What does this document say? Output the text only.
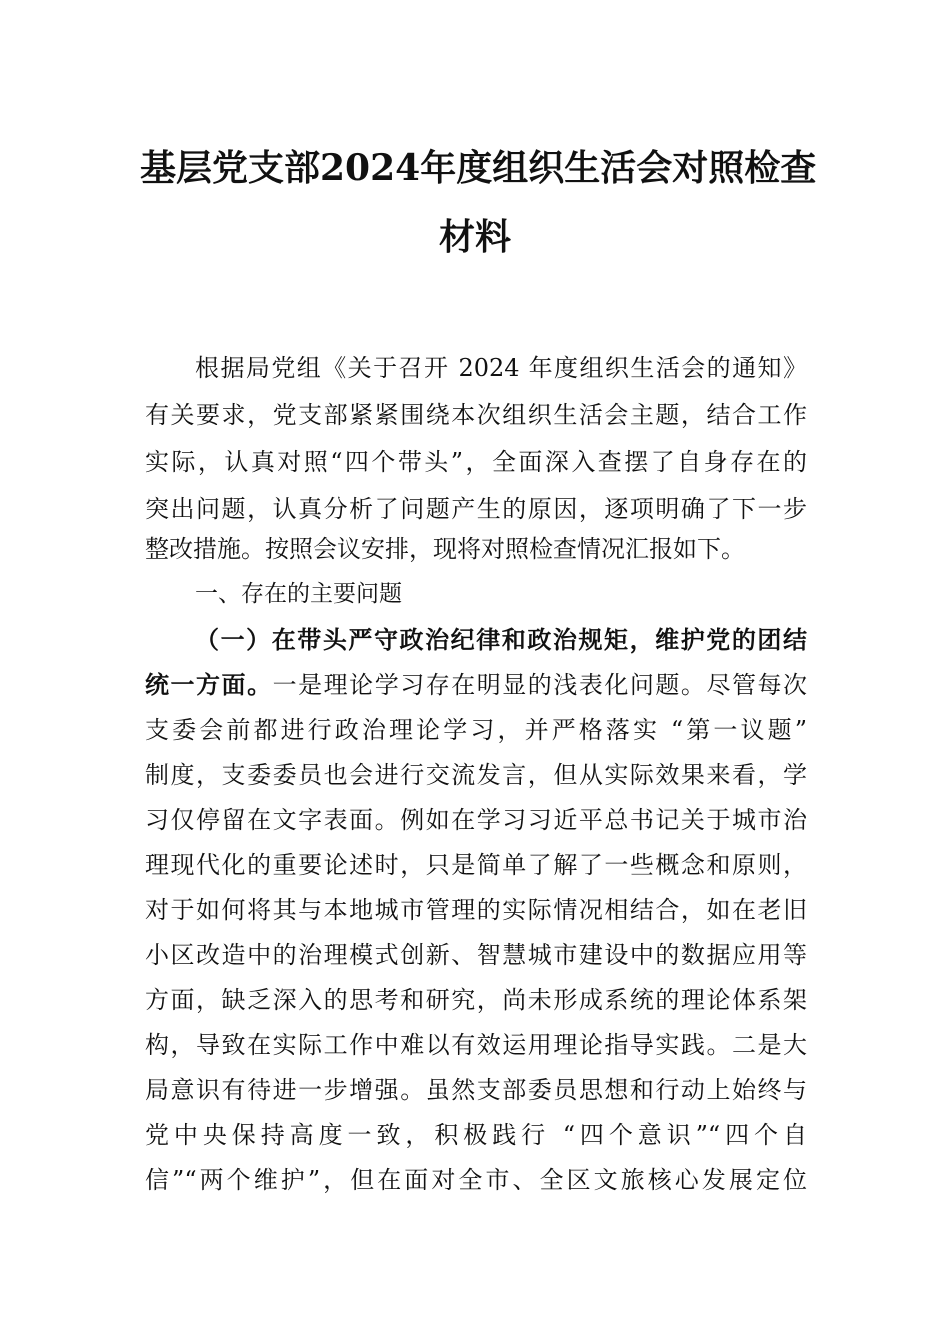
基层党支部2024年度组织生活会对照检查
材料
根据局党组《关于召开 2024 年度组织生活会的通知》
有关要求，党支部紧紧围绕本次组织生活会主题，结合工作
实际，认真对照“四个带头”，全面深入查摆了自身存在的
突出问题，认真分析了问题产生的原因，逐项明确了下一步
整改措施。按照会议安排，现将对照检查情况汇报如下。
一、存在的主要问题
（一）在带头严守政治纪律和政治规矩，维护党的团结
统一方面。一是理论学习存在明显的浅表化问题。尽管每次
支委会前都进行政治理论学习，并严格落实 “第一议题”
制度，支委委员也会进行交流发言，但从实际效果来看，学
习仅停留在文字表面。例如在学习习近平总书记关于城市治
理现代化的重要论述时，只是简单了解了一些概念和原则，
对于如何将其与本地城市管理的实际情况相结合，如在老旧
小区改造中的治理模式创新、智慧城市建设中的数据应用等
方面，缺乏深入的思考和研究，尚未形成系统的理论体系架
构，导致在实际工作中难以有效运用理论指导实践。二是大
局意识有待进一步增强。虽然支部委员思想和行动上始终与
党中央保持高度一致，积极践行 “四个意识”“四个自
信”“两个维护”，但在面对全市、全区文旅核心发展定位
